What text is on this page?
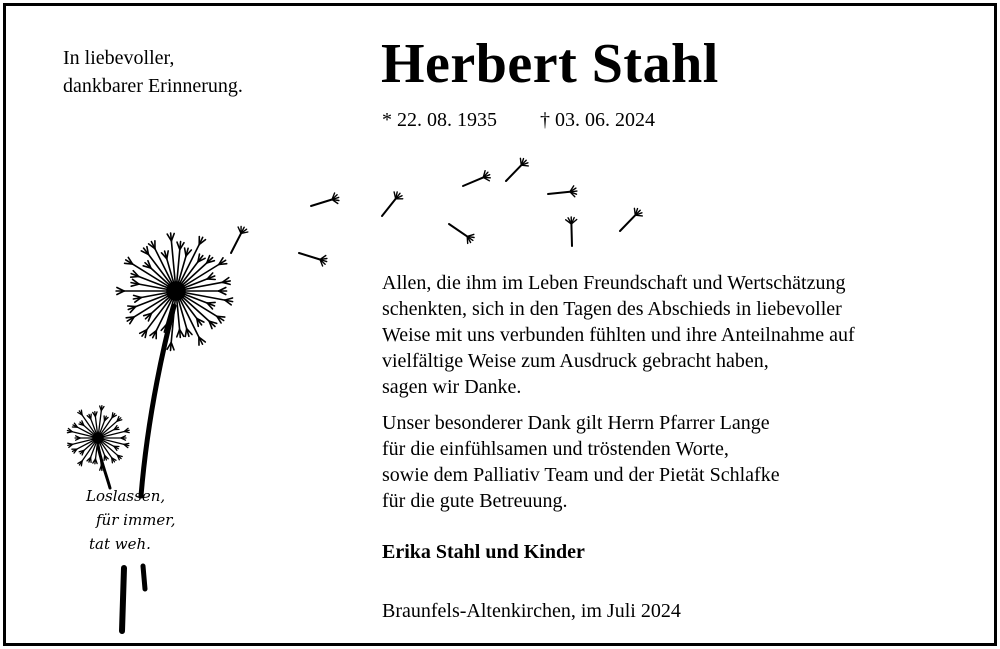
In liebevoller,
dankbarer Erinnerung. Herbert Stahl
* 22. 08. 1935 † 03. 06. 2024
Loslassen,
für immer,
tat weh.
Allen, die ihm im Leben Freundschaft und Wertschätzung
schenkten, sich in den Tagen des Abschieds in liebevoller
Weise mit uns verbunden fühlten und ihre Anteilnahme auf
vielfältige Weise zum Ausdruck gebracht haben,
sagen wir Danke.
Unser besonderer Dank gilt Herrn Pfarrer Lange
für die einfühlsamen und tröstenden Worte,
sowie dem Palliativ Team und der Pietät Schlafke
für die gute Betreuung.
Erika Stahl und Kinder
Braunfels-Altenkirchen, im Juli 2024
